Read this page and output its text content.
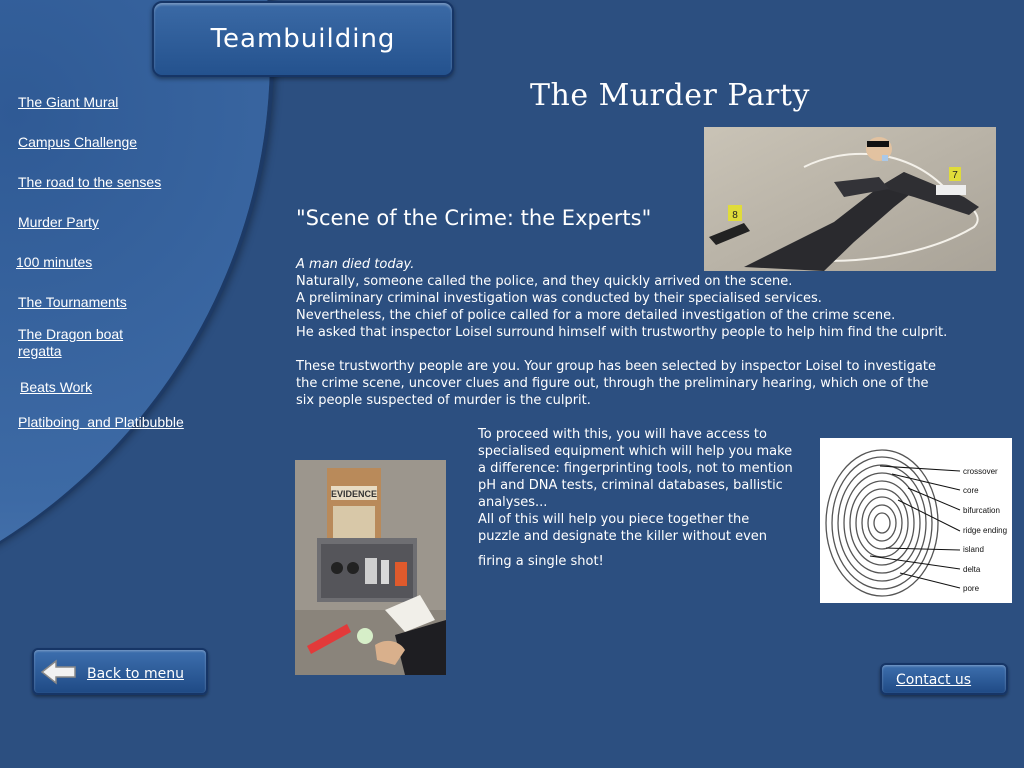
Teambuilding
The Giant Mural
Campus Challenge
The road to the senses
Murder Party
100 minutes
The Tournaments
The Dragon boat
regatta
Beats Work
Platiboing  and Platibubble
The Murder Party
7
8
"Scene of the Crime: the Experts"

A man died today.

Naturally, someone called the police, and they quickly arrived on the scene.

A preliminary criminal investigation was conducted by their specialised services.

Nevertheless, the chief of police called for a more detailed investigation of the crime scene.

He asked that inspector Loisel surround himself with trustworthy people to help him find the culprit.

These trustworthy people are you. Your group has been selected by inspector Loisel to investigate

the crime scene, uncover clues and figure out, through the preliminary hearing, which one of the

six people suspected of murder is the culprit.

To proceed with this, you will have access to

specialised equipment which will help you make

a difference: fingerprinting tools, not to mention

pH and DNA tests, criminal databases, ballistic

analyses...

All of this will help you piece together the

puzzle and designate the killer without even

firing a single shot!

EVIDENCE
crossover
core
bifurcation
ridge ending
island
delta
pore
Back to menu	Contact us
